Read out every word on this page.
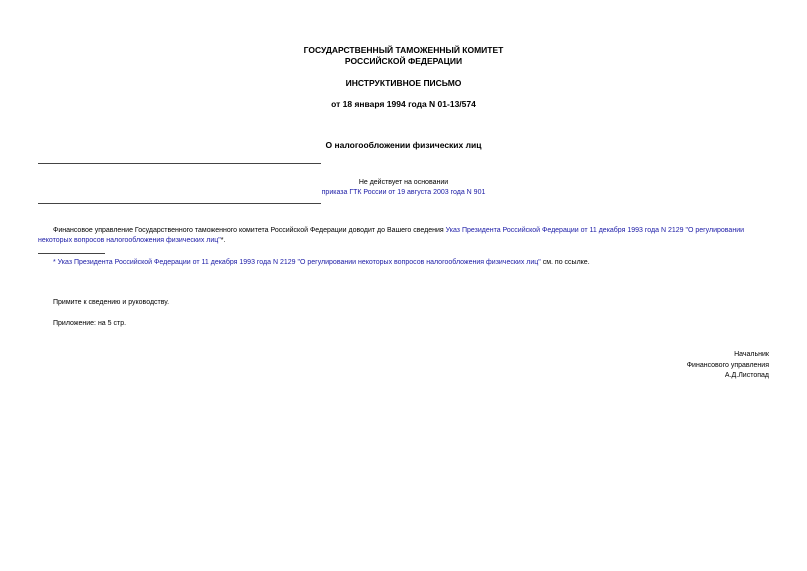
ГОСУДАРСТВЕННЫЙ ТАМОЖЕННЫЙ КОМИТЕТ
РОССИЙСКОЙ ФЕДЕРАЦИИ
ИНСТРУКТИВНОЕ ПИСЬМО
от 18 января 1994 года N 01-13/574
О налогообложении физических лиц
Не действует на основании
приказа ГТК России от 19 августа 2003 года N 901
Финансовое управление Государственного таможенного комитета Российской Федерации доводит до Вашего сведения Указ Президента Российской Федерации от 11 декабря 1993 года N 2129 "О регулировании
некоторых вопросов налогообложения физических лиц"*.
* Указ Президента Российской Федерации от 11 декабря 1993 года N 2129 "О регулировании некоторых вопросов налогообложения физических лиц" см. по ссылке.
Примите к сведению и руководству.
Приложение: на 5 стр.
Начальник
Финансового управления
А.Д.Листопад
